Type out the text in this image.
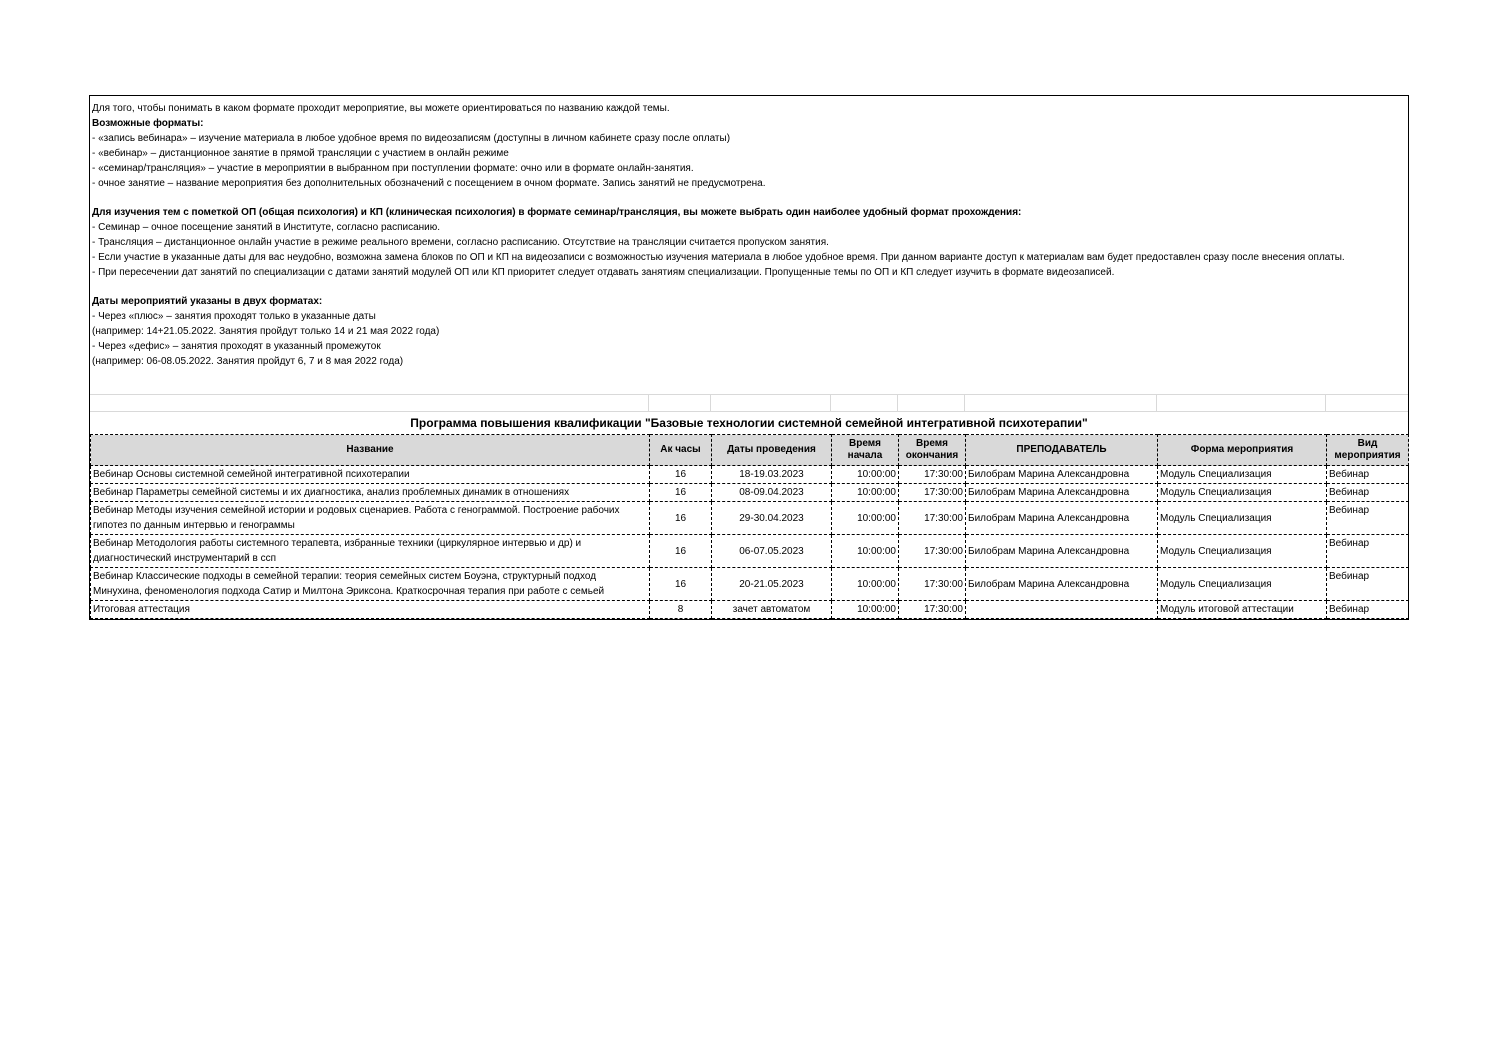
Для того, чтобы понимать в каком формате проходит мероприятие, вы можете ориентироваться по названию каждой темы.
Возможные форматы:
- «запись вебинара» – изучение материала в любое удобное время по видеозаписям (доступны в личном кабинете сразу после оплаты)
- «вебинар» – дистанционное занятие в прямой трансляции с участием в онлайн режиме
- «семинар/трансляция» – участие в мероприятии в выбранном при поступлении формате: очно или в формате онлайн-занятия.
- очное занятие – название мероприятия без дополнительных обозначений с посещением в очном формате. Запись занятий не предусмотрена.
Для изучения тем с пометкой ОП (общая психология) и КП (клиническая психология) в формате семинар/трансляция, вы можете выбрать один наиболее удобный формат прохождения:
- Семинар – очное посещение занятий в Институте, согласно расписанию.
- Трансляция – дистанционное онлайн участие в режиме реального времени, согласно расписанию. Отсутствие на трансляции считается пропуском занятия.
- Если участие в указанные даты для вас неудобно, возможна замена блоков по ОП и КП на видеозаписи с возможностью изучения материала в любое удобное время. При данном варианте доступ к материалам вам будет предоставлен сразу после внесения оплаты.
- При пересечении дат занятий по специализации с датами занятий модулей ОП или КП приоритет следует отдавать занятиям специализации. Пропущенные темы по ОП и КП следует изучить в формате видеозаписей.
Даты мероприятий указаны в двух форматах:
- Через «плюс» – занятия проходят только в указанные даты
(например: 14+21.05.2022. Занятия пройдут только 14 и 21 мая 2022 года)
- Через «дефис» – занятия проходят в указанный промежуток
(например: 06-08.05.2022. Занятия пройдут 6, 7 и 8 мая 2022 года)
Программа повышения квалификации "Базовые технологии системной семейной интегративной психотерапии"
Название	Ак часы	Даты проведения	Время начала	Время окончания	ПРЕПОДАВАТЕЛЬ	Форма мероприятия	Вид мероприятия
Вебинар Основы системной семейной интегративной психотерапии	16	18-19.03.2023	10:00:00	17:30:00	Билобрам Марина Александровна	Модуль Специализация	Вебинар
Вебинар Параметры семейной системы и их диагностика, анализ проблемных динамик в отношениях	16	08-09.04.2023	10:00:00	17:30:00	Билобрам Марина Александровна	Модуль Специализация	Вебинар
Вебинар Методы изучения семейной истории и родовых сценариев. Работа с генограммой. Построение рабочих гипотез по данным интервью и генограммы	16	29-30.04.2023	10:00:00	17:30:00	Билобрам Марина Александровна	Модуль Специализация	Вебинар
Вебинар Методология работы системного терапевта, избранные техники (циркулярное интервью и др) и диагностический инструментарий в ссп	16	06-07.05.2023	10:00:00	17:30:00	Билобрам Марина Александровна	Модуль Специализация	Вебинар
Вебинар Классические подходы в семейной терапии: теория семейных систем Боуэна, структурный подход Минухина, феноменология подхода Сатир и Милтона Эриксона. Краткосрочная терапия при работе с семьей	16	20-21.05.2023	10:00:00	17:30:00	Билобрам Марина Александровна	Модуль Специализация	Вебинар
Итоговая аттестация	8	зачет автоматом	10:00:00	17:30:00		Модуль итоговой аттестации	Вебинар
